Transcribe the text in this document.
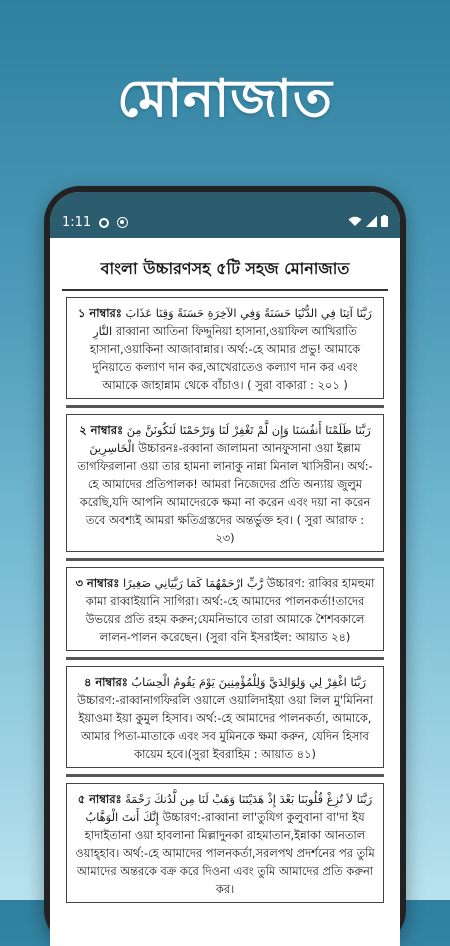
মোনাজাত
1:11
বাংলা উচ্চারণসহ ৫টি সহজ মোনাজাত
১ নাম্বারঃ رَبَّنَا آتِنَا فِي الدُّنْيَا حَسَنَةً وَفِي الآخِرَةِ حَسَنَةً وَقِنَا عَذَابَ النَّارِ রাব্বানা আতিনা ফিদ্দুনিয়া হাসানা,ওয়াফিল আখিরাতি হাসানা,ওয়াকিনা আজাবান্নার। অর্থ:-হে আমার প্রভু! আমাকে দুনিয়াতে কল্যাণ দান কর,আখেরাতেও কল্যাণ দান কর এবং আমাকে জাহান্নাম থেকে বাঁচাও। ( সুরা বাকারা : ২০১ )
২ নাম্বারঃ رَبَّنَا ظَلَمْنَا أَنفُسَنَا وَإِن لَّمْ تَغْفِرْ لَنَا وَتَرْحَمْنَا لَنَكُونَنَّ مِنَ الْخَاسِرِينَ উচ্চারনঃ-রব্বানা জালামনা আনফুসানা ওয়া ইল্লাম তাগফিরলানা ওয়া তার হামনা লানাকু নান্না মিনাল খাসিরীন। অর্থ:-হে আমাদের প্রতিপালক! আমরা নিজেদের প্রতি অন্যায় জুলুম করেছি,যদি আপনি আমাদেরকে ক্ষমা না করেন এবং দয়া না করেন তবে অবশ্যই আমরা ক্ষতিগ্রস্তদের অন্তর্ভুক্ত হব। ( সুরা আরাফ : ২৩)
৩ নাম্বারঃ رَّبِّ ارْحَمْهُمَا كَمَا رَبَّيَانِي صَغِيرًا উচ্চারণ: রাব্বির হামহুমা কামা রাব্বাইয়ানি সাগিরা। অর্থ:-হে আমাদের পালনকর্তা!তাদের উভয়ের প্রতি রহম করুন;যেমনিভাবে তারা আমাকে শৈশবকালে লালন-পালন করেছেন। (সুরা বনি ইসরাইল: আয়াত ২৪)
৪ নাম্বারঃ رَبَّنَا اغْفِرْ لِي وَلِوَالِدَيَّ وَلِلْمُؤْمِنِينَ يَوْمَ يَقُومُ الْحِسَابُ উচ্চারণ:-রাব্বানাগফিরলি ওয়ালে ওয়ালিদাইয়া ওয়া লিল মু'মিনিনা ইয়াওমা ইয়া কুমুল হিসাব। অর্থ:-হে আমাদের পালনকর্তা, আমাকে, আমার পিতা-মাতাকে এবং সব মুমিনকে ক্ষমা করুন, যেদিন হিসাব কায়েম হবে।(সুরা ইবরাহিম : আয়াত ৪১)
৫ নাম্বারঃ رَبَّنَا لاَ تُزِغْ قُلُوبَنَا بَعْدَ إِذْ هَدَيْتَنَا وَهَبْ لَنَا مِن لَّدُنكَ رَحْمَةً إِنَّكَ أَنتَ الْوَهَّابُ উচ্চারণ:-রাব্বানা লা'তুযিগ কুলুবানা বা'দা ইয হাদাইতানা ওয়া হাবলানা মিল্লাদুনকা রাহমাতান,ইন্নাকা আনতাল ওয়াহ্হাব। অর্থ:-হে আমাদের পালনকর্তা,সরলপথ প্রদর্শনের পর তুমি আমাদের অন্তরকে বক্র করে দিওনা এবং তুমি আমাদের প্রতি করুনা কর।
